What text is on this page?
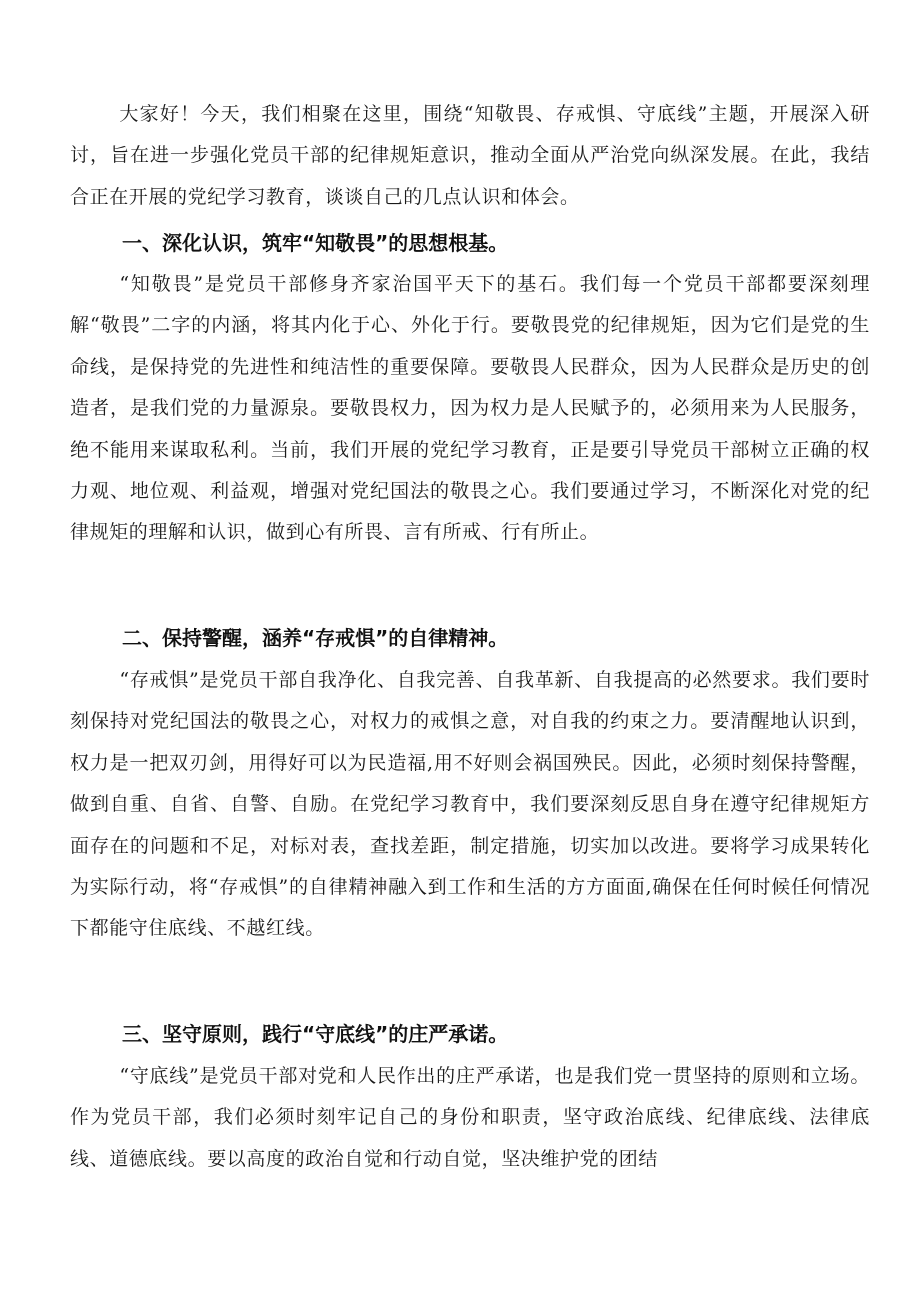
大家好！今天，我们相聚在这里，围绕“知敬畏、存戒惧、守底线”主题，开展深入研讨，旨在进一步强化党员干部的纪律规矩意识，推动全面从严治党向纵深发展。在此，我结合正在开展的党纪学习教育，谈谈自己的几点认识和体会。

一、深化认识，筑牢“知敬畏”的思想根基。

“知敬畏”是党员干部修身齐家治国平天下的基石。我们每一个党员干部都要深刻理解“敬畏”二字的内涵，将其内化于心、外化于行。要敬畏党的纪律规矩，因为它们是党的生命线，是保持党的先进性和纯洁性的重要保障。要敬畏人民群众，因为人民群众是历史的创造者，是我们党的力量源泉。要敬畏权力，因为权力是人民赋予的，必须用来为人民服务，绝不能用来谋取私利。当前，我们开展的党纪学习教育，正是要引导党员干部树立正确的权力观、地位观、利益观，增强对党纪国法的敬畏之心。我们要通过学习，不断深化对党的纪律规矩的理解和认识，做到心有所畏、言有所戒、行有所止。

二、保持警醒，涵养“存戒惧”的自律精神。

“存戒惧”是党员干部自我净化、自我完善、自我革新、自我提高的必然要求。我们要时刻保持对党纪国法的敬畏之心，对权力的戒惧之意，对自我的约束之力。要清醒地认识到，权力是一把双刃剑，用得好可以为民造福,用不好则会祸国殃民。因此，必须时刻保持警醒，做到自重、自省、自警、自励。在党纪学习教育中，我们要深刻反思自身在遵守纪律规矩方面存在的问题和不足，对标对表，查找差距，制定措施，切实加以改进。要将学习成果转化为实际行动，将“存戒惧”的自律精神融入到工作和生活的方方面面,确保在任何时候任何情况下都能守住底线、不越红线。

三、坚守原则，践行“守底线”的庄严承诺。

“守底线”是党员干部对党和人民作出的庄严承诺，也是我们党一贯坚持的原则和立场。作为党员干部，我们必须时刻牢记自己的身份和职责，坚守政治底线、纪律底线、法律底线、道德底线。要以高度的政治自觉和行动自觉，坚决维护党的团结
